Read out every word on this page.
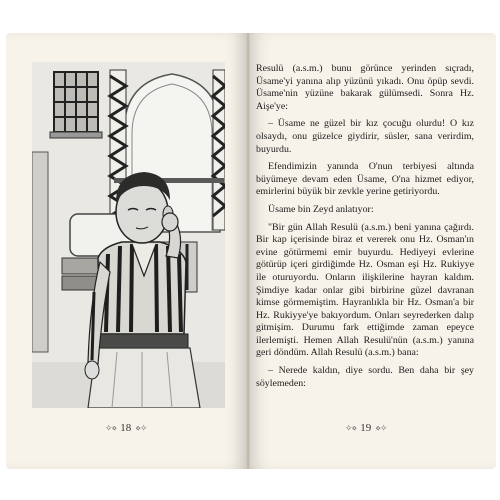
✧⋄ 18 ⋄✧

Resulü (a.s.m.) bunu görünce yerinden sıçradı, Üsame'yi yanına alıp yüzünü yıkadı. Onu öpüp sevdi. Üsame'nin yüzüne bakarak gülümsedi. Sonra Hz. Aişe'ye:

– Üsame ne güzel bir kız çocuğu olurdu! O kız olsaydı, onu güzelce giydirir, süsler, sana verirdim, buyurdu.

Efendimizin yanında O'nun terbiyesi altında büyümeye devam eden Üsame, O'na hizmet ediyor, emirlerini büyük bir zevkle yerine getiriyordu.

Üsame bin Zeyd anlatıyor:

"Bir gün Allah Resulü (a.s.m.) beni yanına çağırdı. Bir kap içerisinde biraz et vererek onu Hz. Osman'ın evine götürmemi emir buyurdu. Hediyeyi evlerine götürüp içeri girdiğimde Hz. Osman eşi Hz. Rukiyye ile oturuyordu. Onların ilişkilerine hayran kaldım. Şimdiye kadar onlar gibi birbirine güzel davranan kimse görmemiştim. Hayranlıkla bir Hz. Osman'a bir Hz. Rukiyye'ye bakıyordum. Onları seyrederken dalıp gitmişim. Durumu fark ettiğimde zaman epeyce ilerlemişti. Hemen Allah Resulü'nün (a.s.m.) yanına geri döndüm. Allah Resulü (a.s.m.) bana:

– Nerede kaldın, diye sordu. Ben daha bir şey söylemeden:

✧⋄ 19 ⋄✧
